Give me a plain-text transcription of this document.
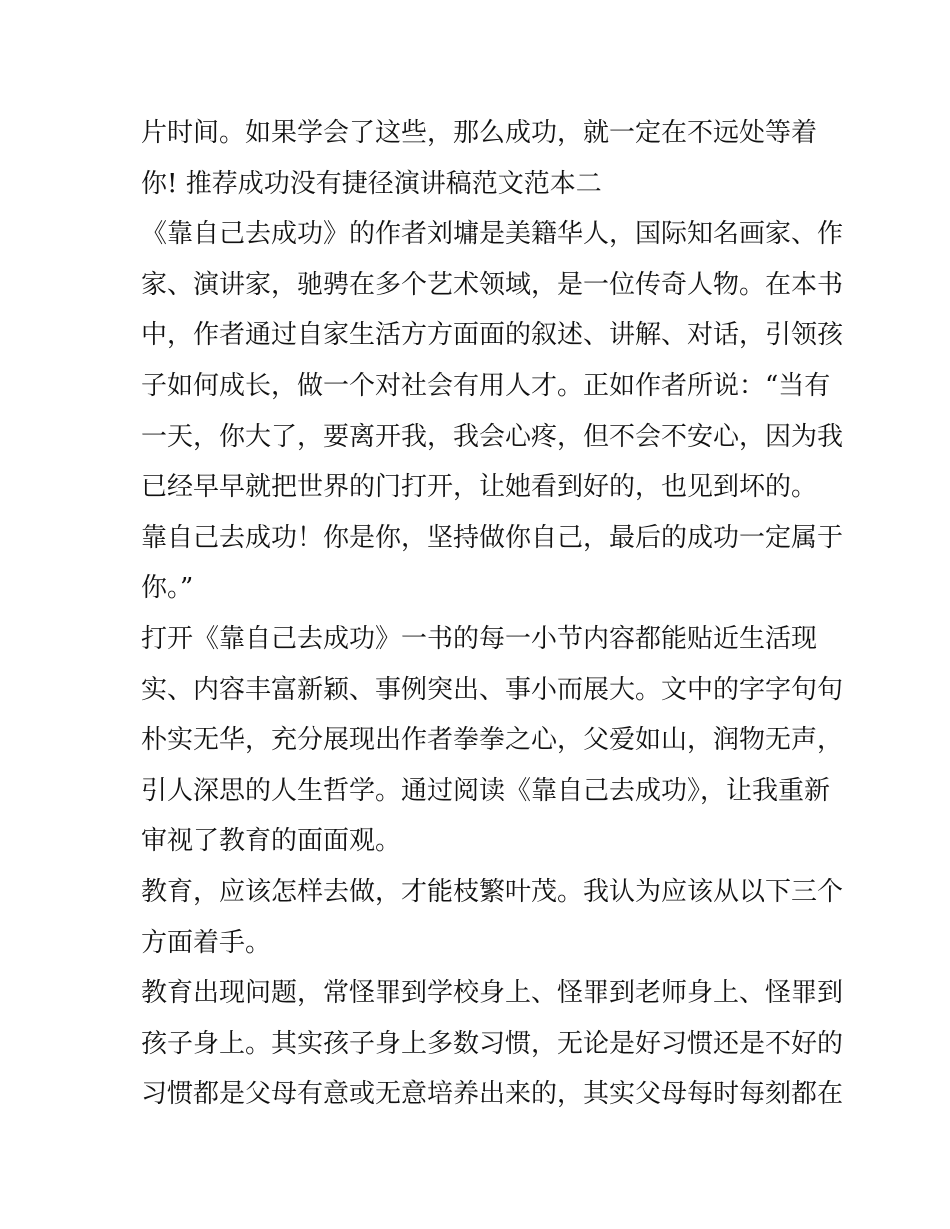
片时间。如果学会了这些，那么成功，就一定在不远处等着
你! 推荐成功没有捷径演讲稿范文范本二
《靠自己去成功》的作者刘墉是美籍华人，国际知名画家、作
家、演讲家，驰骋在多个艺术领域，是一位传奇人物。在本书
中，作者通过自家生活方方面面的叙述、讲解、对话，引领孩
子如何成长，做一个对社会有用人才。正如作者所说：“当有
一天，你大了，要离开我，我会心疼，但不会不安心，因为我
已经早早就把世界的门打开，让她看到好的，也见到坏的。
靠自己去成功！你是你，坚持做你自己，最后的成功一定属于
你。”
打开《靠自己去成功》一书的每一小节内容都能贴近生活现
实、内容丰富新颖、事例突出、事小而展大。文中的字字句句
朴实无华，充分展现出作者拳拳之心，父爱如山，润物无声，
引人深思的人生哲学。通过阅读《靠自己去成功》，让我重新
审视了教育的面面观。
教育，应该怎样去做，才能枝繁叶茂。我认为应该从以下三个
方面着手。
教育出现问题，常怪罪到学校身上、怪罪到老师身上、怪罪到
孩子身上。其实孩子身上多数习惯，无论是好习惯还是不好的
习惯都是父母有意或无意培养出来的，其实父母每时每刻都在
